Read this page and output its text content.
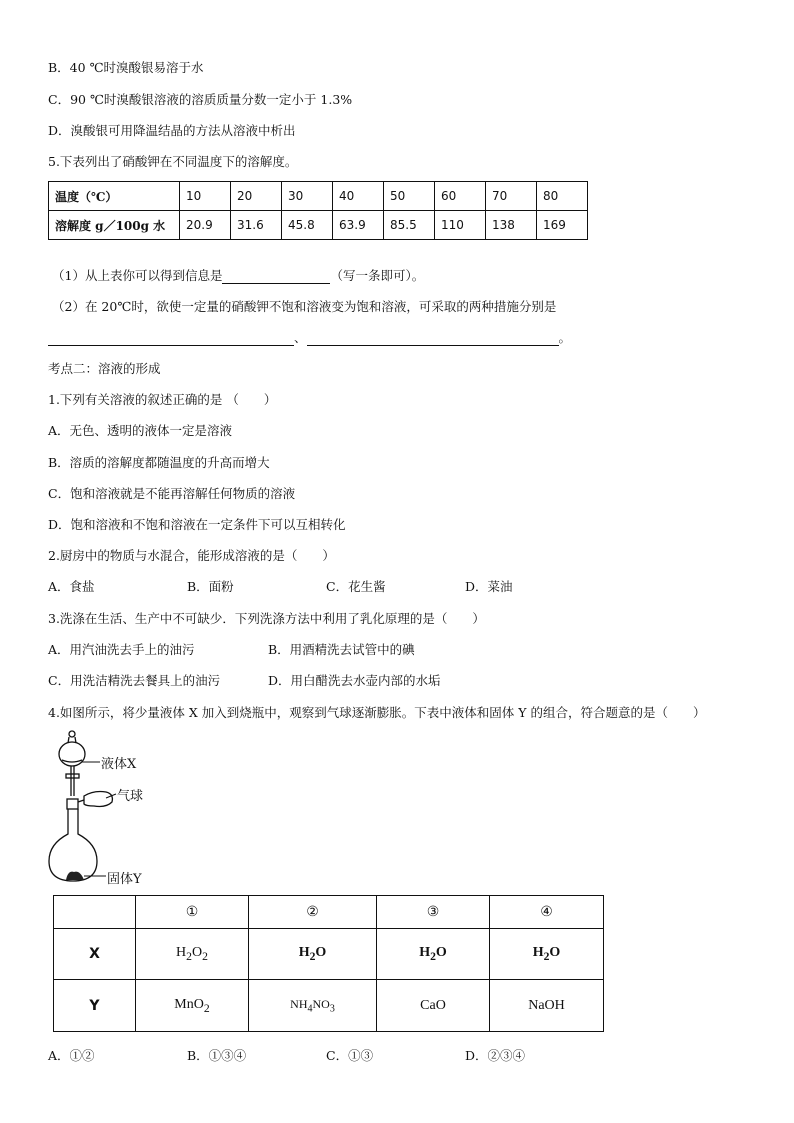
B．40 ℃时溴酸银易溶于水
C．90 ℃时溴酸银溶液的溶质质量分数一定小于 1.3%
D．溴酸银可用降温结晶的方法从溶液中析出
5.下表列出了硝酸钾在不同温度下的溶解度。
温度（℃）	10	20	30	40	50	60	70	80
溶解度 g／100g 水	20.9	31.6	45.8	63.9	85.5	110	138	169
（1）从上表你可以得到信息是	（写一条即可）。
（2）在 20℃时，欲使一定量的硝酸钾不饱和溶液变为饱和溶液，可采取的两种措施分别是
、	。
考点二：溶液的形成
1.下列有关溶液的叙述正确的是 （　　）
A．无色、透明的液体一定是溶液
B．溶质的溶解度都随温度的升高而增大
C．饱和溶液就是不能再溶解任何物质的溶液
D．饱和溶液和不饱和溶液在一定条件下可以互相转化
2.厨房中的物质与水混合，能形成溶液的是（　　）
A．食盐	B．面粉	C．花生酱	D．菜油
3.洗涤在生活、生产中不可缺少．下列洗涤方法中利用了乳化原理的是（　　）
A．用汽油洗去手上的油污	B．用酒精洗去试管中的碘
C．用洗洁精洗去餐具上的油污	D．用白醋洗去水壶内部的水垢
4.如图所示，将少量液体 X 加入到烧瓶中，观察到气球逐渐膨胀。下表中液体和固体 Y 的组合，符合题意的是（　　）
液体X
气球
固体Y
	①	②	③	④
X	$H_2O_2$	$H_2O$	$H_2O$	$H_2O$
Y	MnO$_2$	$NH_4NO_3$	CaO	NaOH
A．①②	B．①③④	C．①③	D．②③④
